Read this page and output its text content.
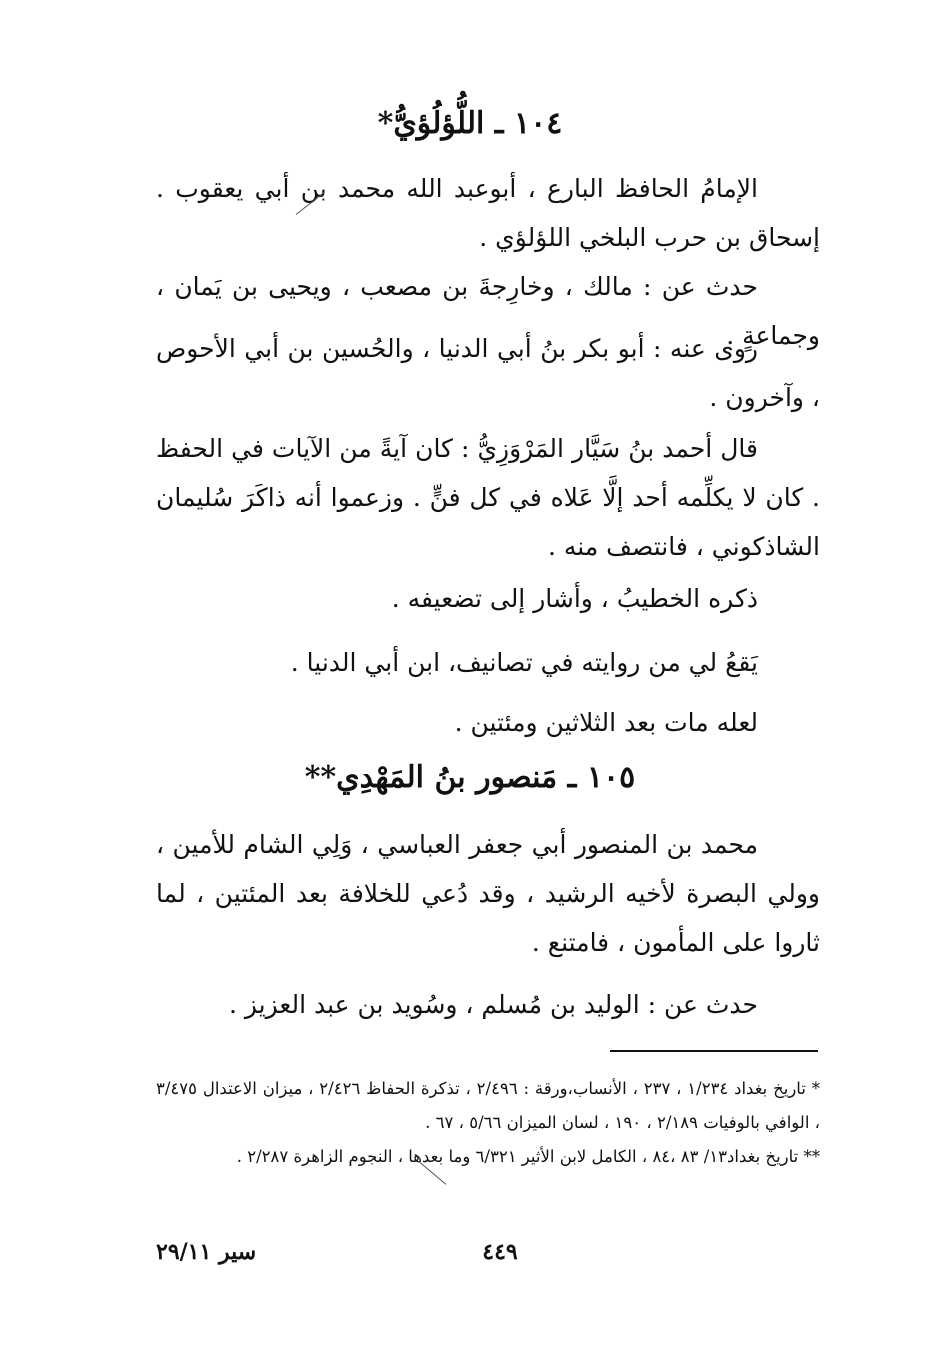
١٠٤ ـ اللُّؤلُؤيُّ*
الإمامُ الحافظ البارع ، أبوعبد الله محمد بن أبي يعقوب . إسحاق بن حرب البلخي اللؤلؤي .
حدث عن : مالك ، وخارِجةَ بن مصعب ، ويحيى بن يَمان ، وجماعةٍ .
روى عنه : أبو بكر بنُ أبي الدنيا ، والحُسين بن أبي الأحوص ، وآخرون .
قال أحمد بنُ سَيَّار المَرْوَزِيُّ : كان آيةً من الآيات في الحفظ . كان لا يكلِّمه أحد إلَّا عَلاه في كل فنٍّ . وزعموا أنه ذاكَرَ سُليمان الشاذكوني ، فانتصف منه .
ذكره الخطيبُ ، وأشار إلى تضعيفه .
يَقعُ لي من روايته في تصانيف، ابن أبي الدنيا .
لعله مات بعد الثلاثين ومئتين .
١٠٥ ـ مَنصور بنُ المَهْدِي**
محمد بن المنصور أبي جعفر العباسي ، وَلِي الشام للأمين ، وولي البصرة لأخيه الرشيد ، وقد دُعي للخلافة بعد المئتين ، لما ثاروا على المأمون ، فامتنع .
حدث عن : الوليد بن مُسلم ، وسُويد بن عبد العزيز .

* تاريخ بغداد ١/٢٣٤ ، ٢٣٧ ، الأنساب،ورقة : ٢/٤٩٦ ، تذكرة الحفاظ ٢/٤٢٦ ، ميزان الاعتدال ٣/٤٧٥ ، الوافي بالوفيات ٢/١٨٩ ، ١٩٠ ، لسان الميزان ٥/٦٦ ، ٦٧ .

** تاريخ بغداد١٣/ ٨٣ ،٨٤ ، الكامل لابن الأثير ٦/٣٢١ وما بعدها ، النجوم الزاهرة ٢/٢٨٧ .

٤٤٩
سير ٢٩/١١
